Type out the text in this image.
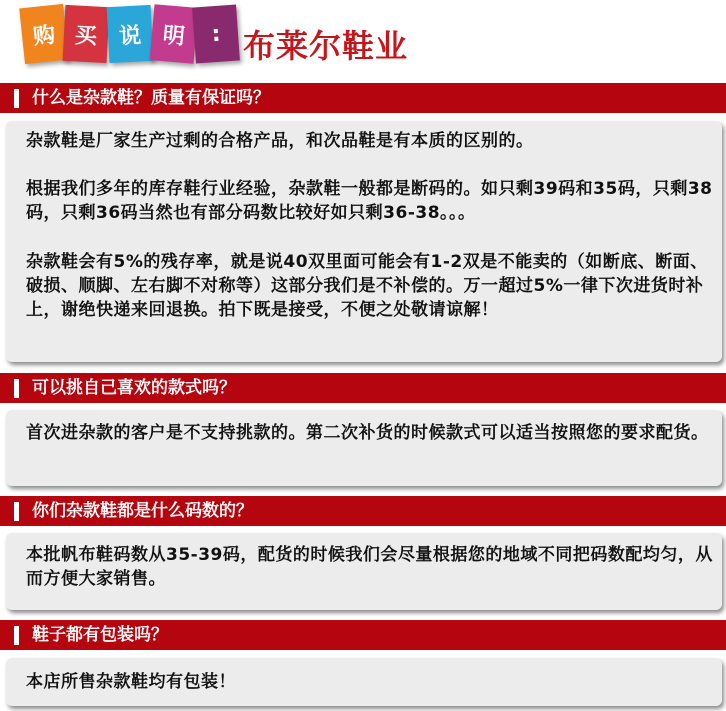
购 买 说 明	: 布莱尔鞋业
什么是杂款鞋？质量有保证吗？
杂款鞋是厂家生产过剩的合格产品，和次品鞋是有本质的区别的。
根据我们多年的库存鞋行业经验，杂款鞋一般都是断码的。如只剩39码和35码，只剩38码，只剩36码当然也有部分码数比较好如只剩36-38。。。
杂款鞋会有5%的残存率，就是说40双里面可能会有1-2双是不能卖的（如断底、断面、破损、顺脚、左右脚不对称等）这部分我们是不补偿的。万一超过5%一律下次进货时补上，谢绝快递来回退换。拍下既是接受，不便之处敬请谅解！
可以挑自己喜欢的款式吗？
首次进杂款的客户是不支持挑款的。第二次补货的时候款式可以适当按照您的要求配货。
你们杂款鞋都是什么码数的？
本批帆布鞋码数从35-39码，配货的时候我们会尽量根据您的地域不同把码数配均匀，从而方便大家销售。
鞋子都有包装吗？
本店所售杂款鞋均有包装！
